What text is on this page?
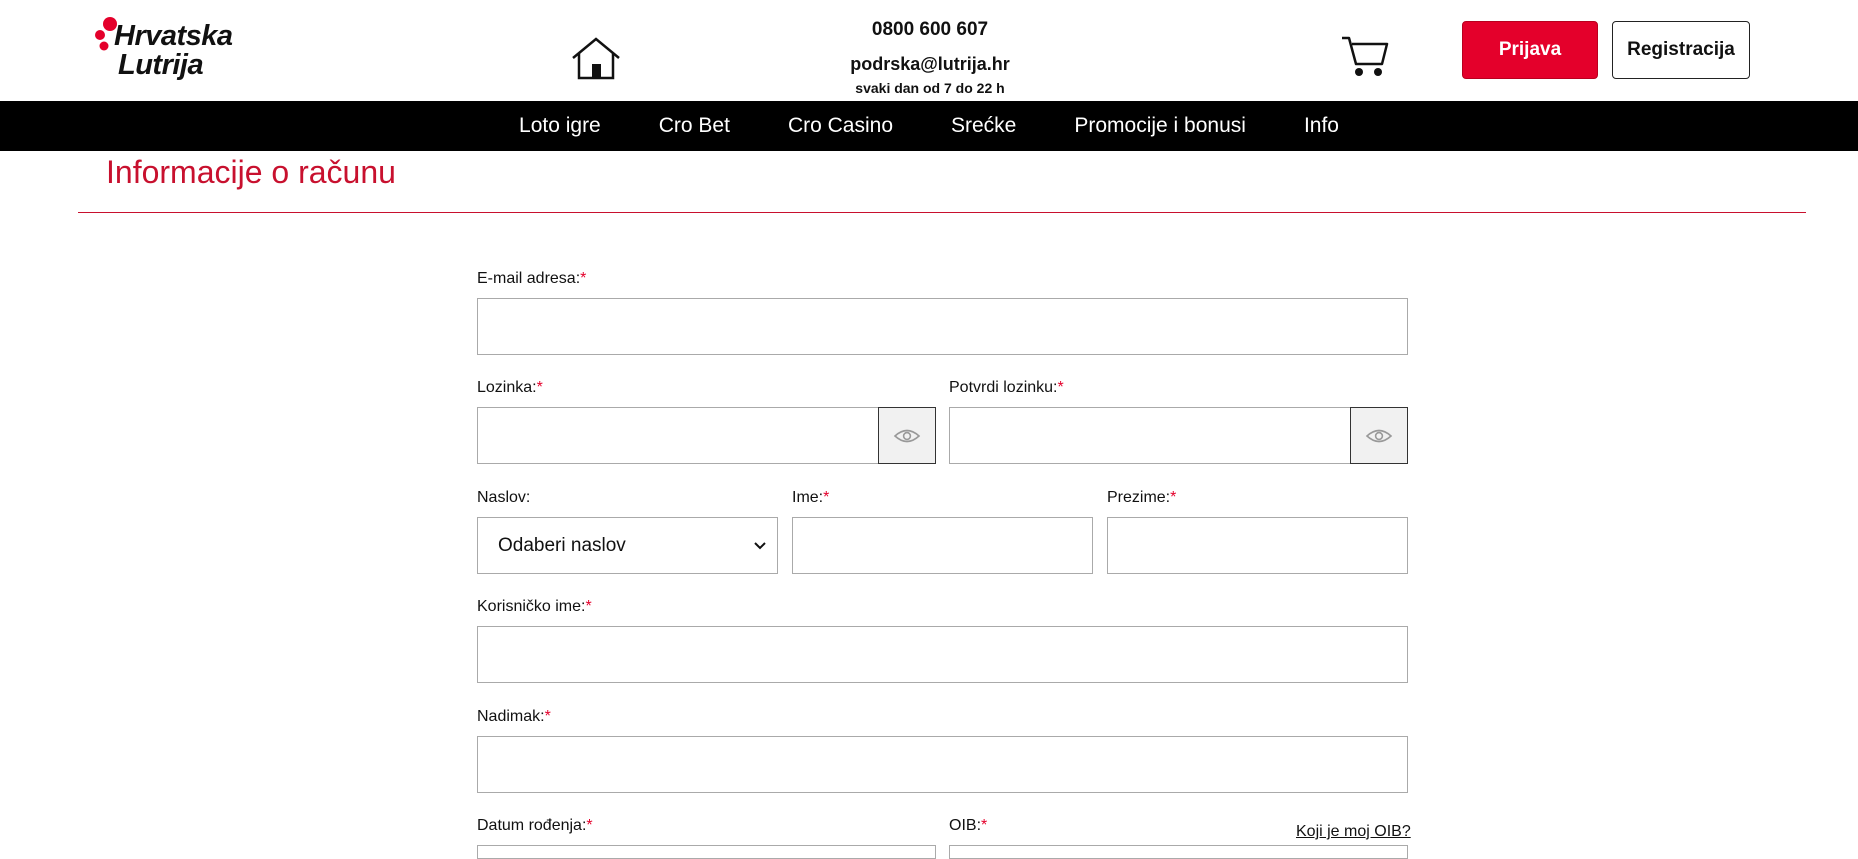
Hrvatska
Lutrija
0800 600 607
podrska@lutrija.hr
svaki dan od 7 do 22 h
Prijava	Registracija
Loto igre	Cro Bet	Cro Casino	Srećke	Promocije i bonusi	Info
Informacije o računu
E-mail adresa:*
Lozinka:*	Potvrdi lozinku:*
Naslov:
Odaberi naslov
Ime:*	Prezime:*
Korisničko ime:*
Nadimak:*
Datum rođenja:*	OIB:*	Koji je moj OIB?
